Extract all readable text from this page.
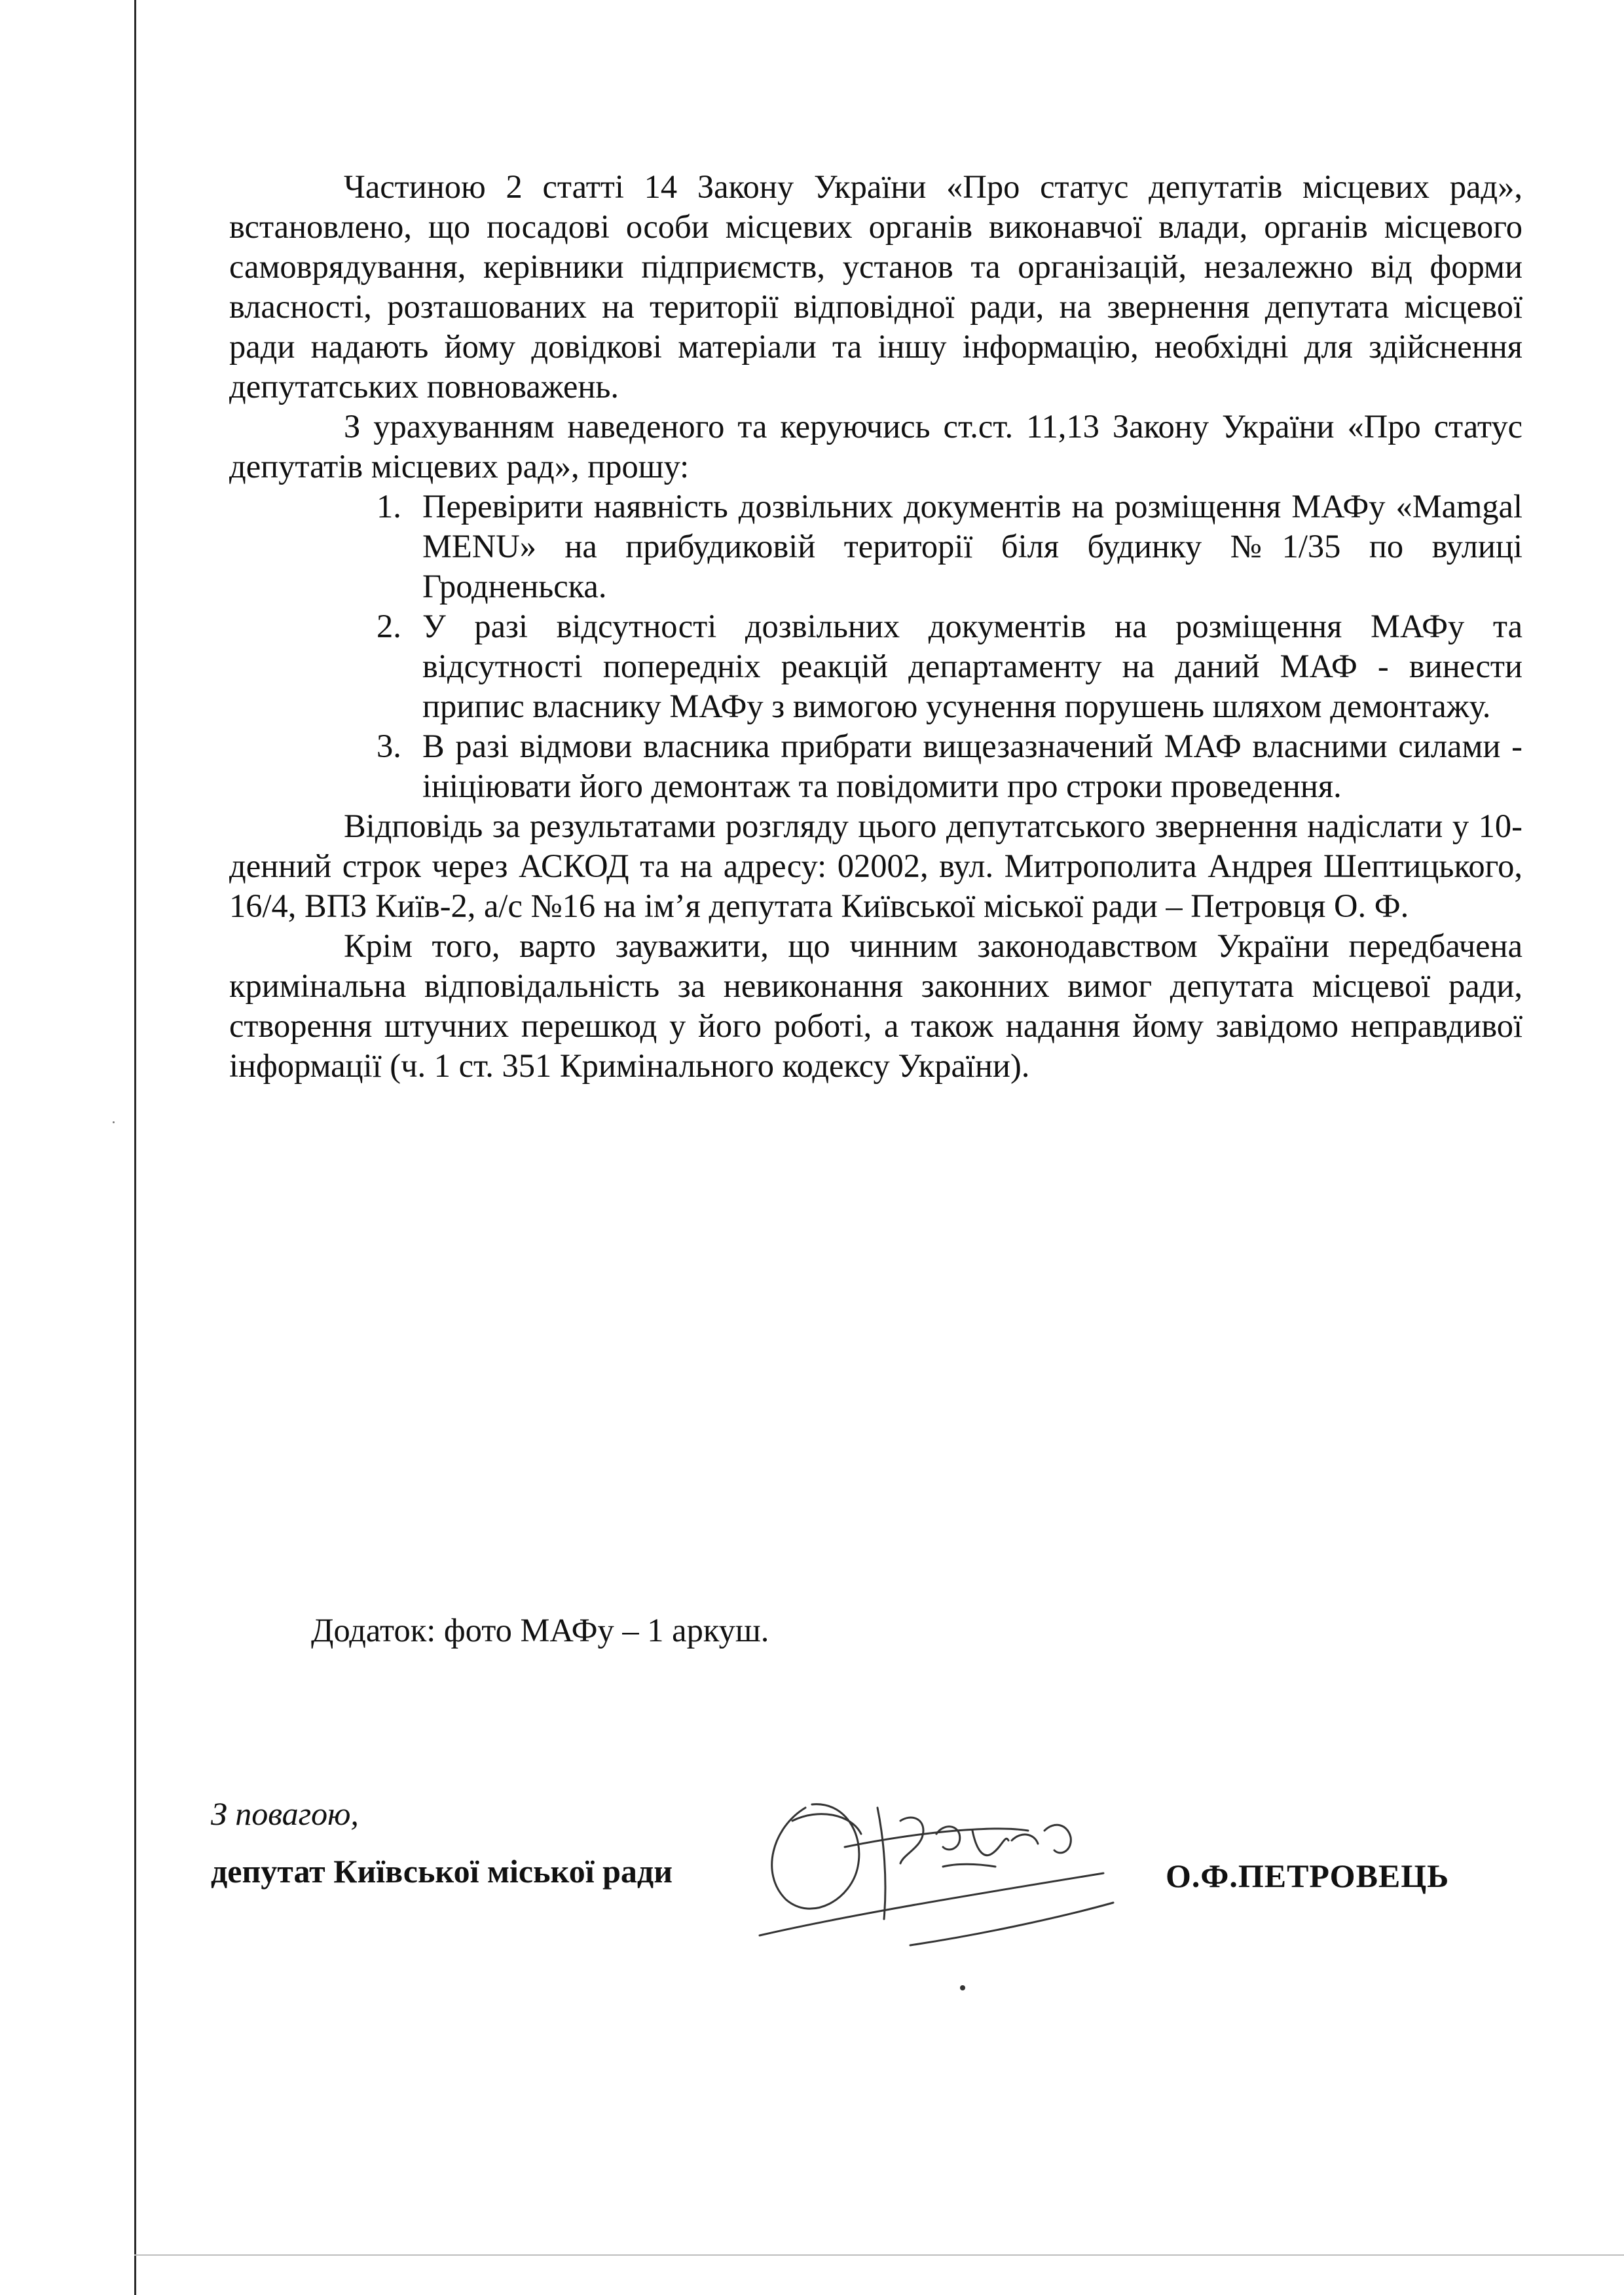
Частиною 2 статті 14 Закону України «Про статус депутатів місцевих рад», встановлено, що посадові особи місцевих органів виконавчої влади, органів місцевого самоврядування, керівники підприємств, установ та організацій, незалежно від форми власності, розташованих на території відповідної ради, на звернення депутата місцевої ради надають йому довідкові матеріали та іншу інформацію, необхідні для здійснення депутатських повноважень.

З урахуванням наведеного та керуючись ст.ст. 11,13 Закону України «Про статус депутатів місцевих рад», прошу:

1. Перевірити наявність дозвільних документів на розміщення МАФу «Mamgal MENU» на прибудиковій території біля будинку №1/35 по вулиці Гродненьска.
2. У разі відсутності дозвільних документів на розміщення МАФу та відсутності попередніх реакцій департаменту на даний МАФ - винести припис власнику МАФу з вимогою усунення порушень шляхом демонтажу.
3. В разі відмови власника прибрати вищезазначений МАФ власними силами - ініціювати його демонтаж та повідомити про строки проведення.

Відповідь за результатами розгляду цього депутатського звернення надіслати у 10-денний строк через АСКОД та на адресу: 02002, вул. Митрополита Андрея Шептицького, 16/4, ВПЗ Київ-2, а/с №16 на ім’я депутата Київської міської ради – Петровця О. Ф.

Крім того, варто зауважити, що чинним законодавством України передбачена кримінальна відповідальність за невиконання законних вимог депутата місцевої ради, створення штучних перешкод у його роботі, а також надання йому завідомо неправдивої інформації (ч. 1 ст. 351 Кримінального кодексу України).

Додаток: фото МАФу – 1 аркуш.
З повагою,
депутат Київської міської ради	О.Ф.ПЕТРОВЕЦЬ
